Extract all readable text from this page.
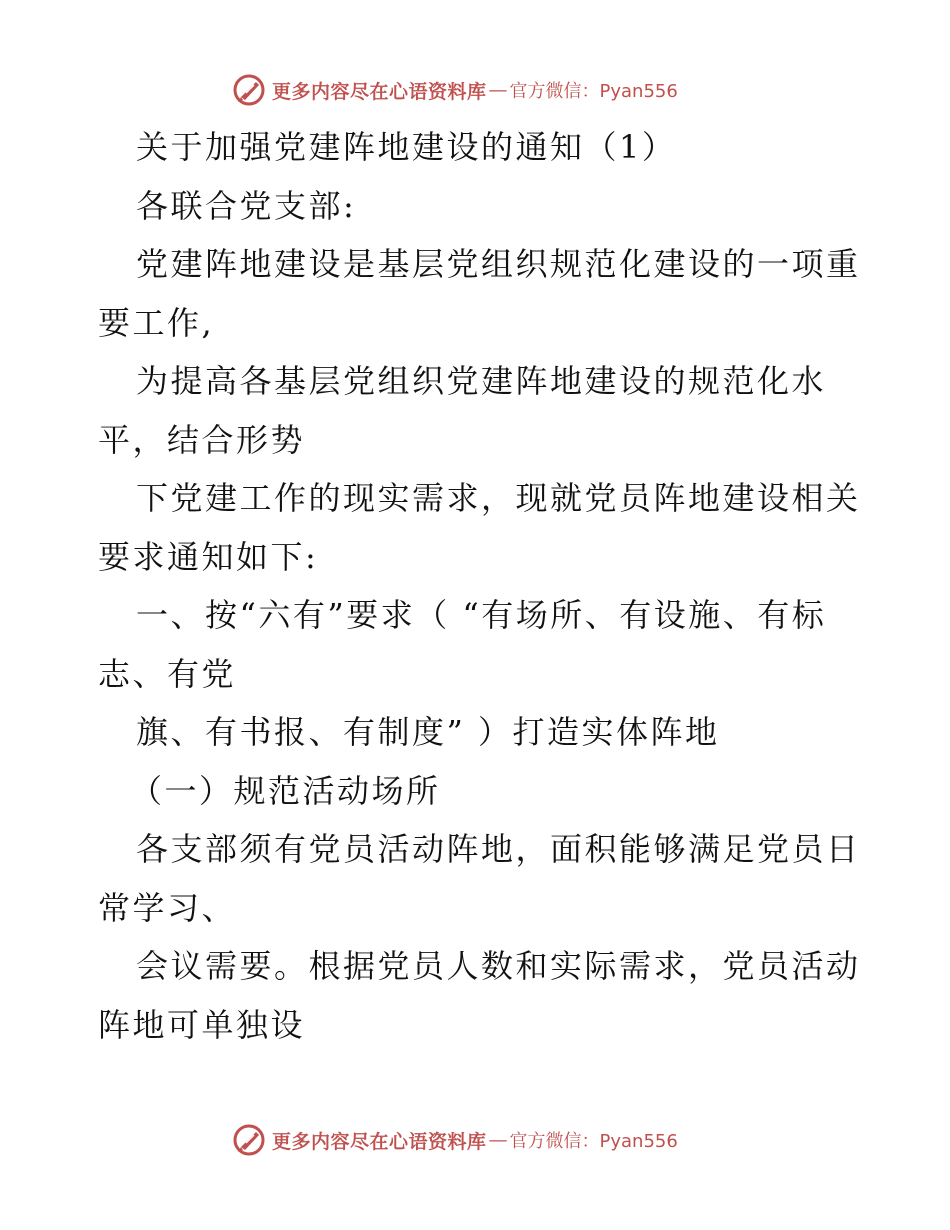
更多内容尽在心语资料库 — 官方微信：Pyan556
关于加强党建阵地建设的通知（1）
各联合党支部:
党建阵地建设是基层党组织规范化建设的一项重
要工作,
为提高各基层党组织党建阵地建设的规范化水
平，结合形势
下党建工作的现实需求，现就党员阵地建设相关
要求通知如下:
一、按“六有”要求（ “有场所、有设施、有标
志、有党
旗、有书报、有制度” ）打造实体阵地
（一）规范活动场所
各支部须有党员活动阵地，面积能够满足党员日
常学习、
会议需要。根据党员人数和实际需求，党员活动
阵地可单独设
更多内容尽在心语资料库 — 官方微信：Pyan556
